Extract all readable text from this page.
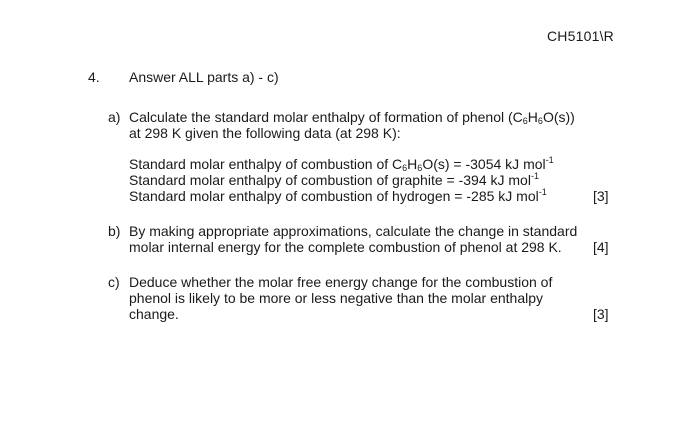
CH5101\R
4. Answer ALL parts a) - c)
a) Calculate the standard molar enthalpy of formation of phenol $(C_6H_6O(s))$
at 298 K given the following data (at 298 K):
Standard molar enthalpy of combustion of $C_6H_6O(s) = -3054$ kJ mol$^{-1}$
Standard molar enthalpy of combustion of graphite = -394 kJ mol$^{-1}$
Standard molar enthalpy of combustion of hydrogen = -285 kJ mol$^{-1}$	[3]
b) By making appropriate approximations, calculate the change in standard
molar internal energy for the complete combustion of phenol at 298 K. [4]
c) Deduce whether the molar free energy change for the combustion of
phenol is likely to be more or less negative than the molar enthalpy
change.	[3]
